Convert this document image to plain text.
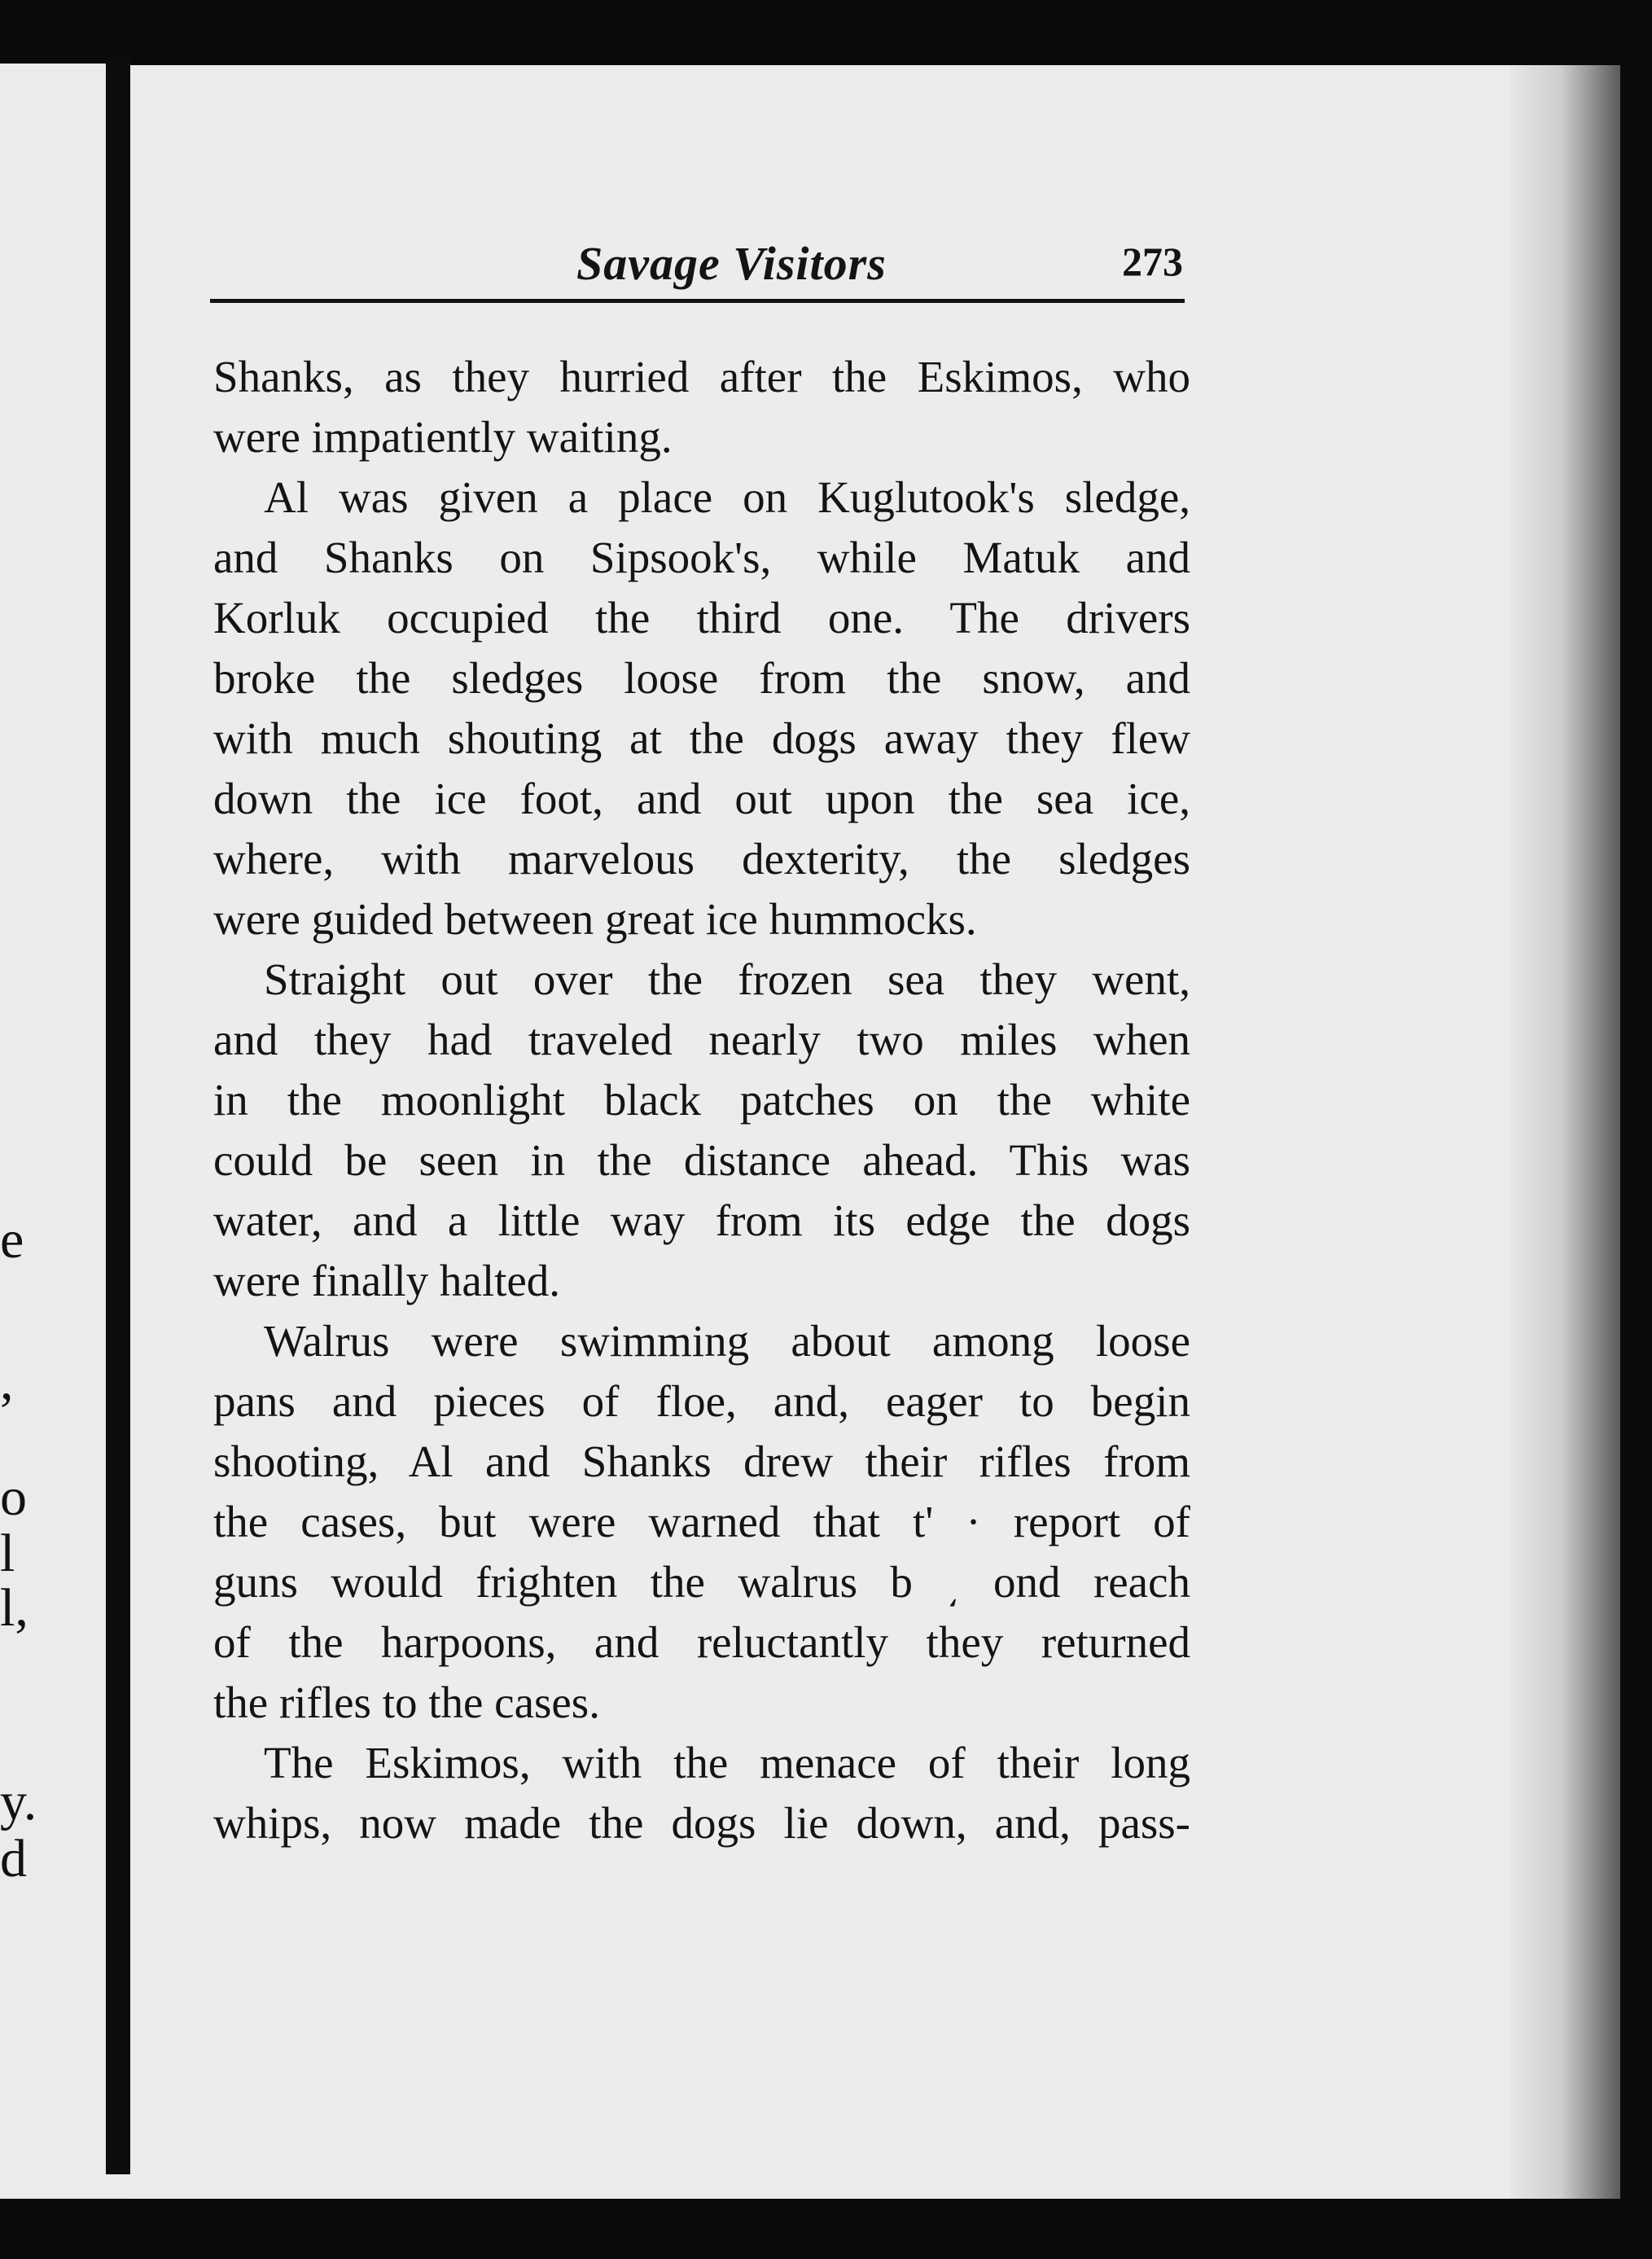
e
,
o
l
l,
y.
d
Savage Visitors	273
Shanks, as they hurried after the Eskimos, who
were impatiently waiting.
Al was given a place on Kuglutook's sledge,
and Shanks on Sipsook's, while Matuk and
Korluk occupied the third one. The drivers
broke the sledges loose from the snow, and
with much shouting at the dogs away they flew
down the ice foot, and out upon the sea ice,
where, with marvelous dexterity, the sledges
were guided between great ice hummocks.
Straight out over the frozen sea they went,
and they had traveled nearly two miles when
in the moonlight black patches on the white
could be seen in the distance ahead. This was
water, and a little way from its edge the dogs
were finally halted.
Walrus were swimming about among loose
pans and pieces of floe, and, eager to begin
shooting, Al and Shanks drew their rifles from
the cases, but were warned that t' · report of
guns would frighten the walrus b ͵ ond reach
of the harpoons, and reluctantly they returned
the rifles to the cases.
The Eskimos, with the menace of their long
whips, now made the dogs lie down, and, pass-
